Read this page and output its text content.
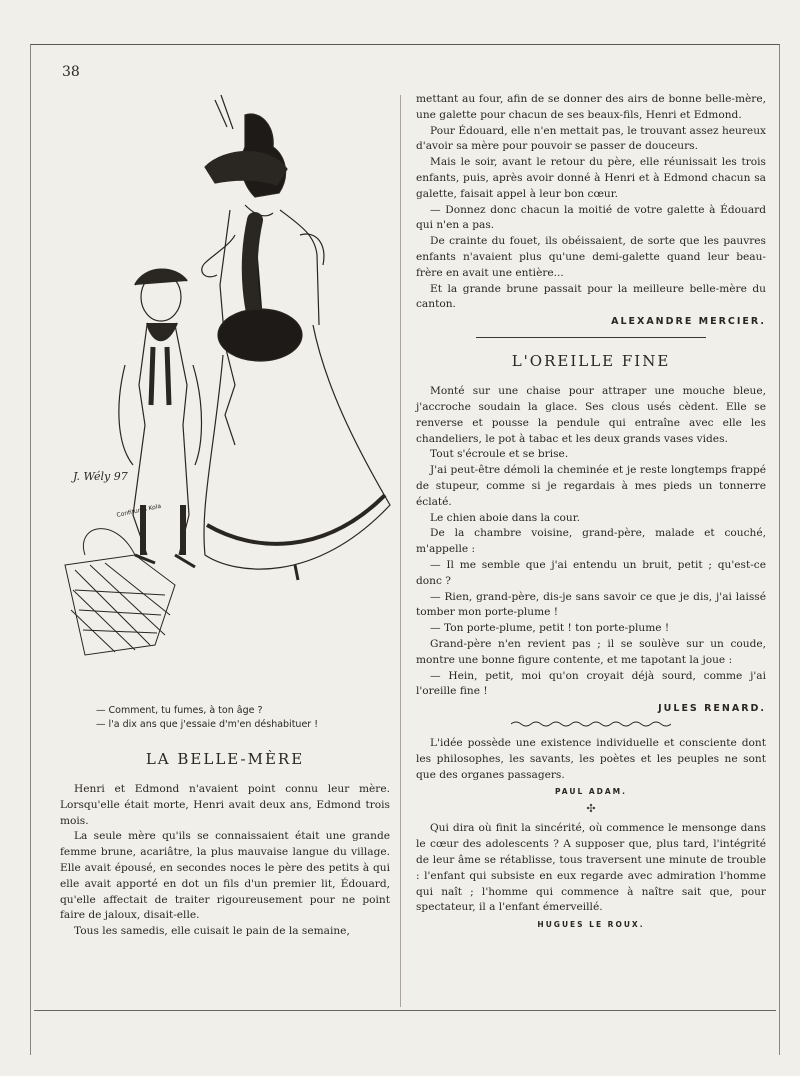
38
J. Wély 97
Confitures Kola
— Comment, tu fumes, à ton âge ?
— l'a dix ans que j'essaie d'm'en déshabituer !
LA BELLE-MÈRE

Henri et Edmond n'avaient point connu leur mère. Lorsqu'elle était morte, Henri avait deux ans, Edmond trois mois.

La seule mère qu'ils se connaissaient était une grande femme brune, acariâtre, la plus mauvaise langue du village. Elle avait épousé, en secondes noces le père des petits à qui elle avait apporté en dot un fils d'un premier lit, Édouard, qu'elle affectait de traiter rigoureusement pour ne point faire de jaloux, disait-elle.

Tous les samedis, elle cuisait le pain de la semaine,

mettant au four, afin de se donner des airs de bonne belle-mère, une galette pour chacun de ses beaux-fils, Henri et Edmond.

Pour Édouard, elle n'en mettait pas, le trouvant assez heureux d'avoir sa mère pour pouvoir se passer de douceurs.

Mais le soir, avant le retour du père, elle réunissait les trois enfants, puis, après avoir donné à Henri et à Edmond chacun sa galette, faisait appel à leur bon cœur.

— Donnez donc chacun la moitié de votre galette à Édouard qui n'en a pas.

De crainte du fouet, ils obéissaient, de sorte que les pauvres enfants n'avaient plus qu'une demi-galette quand leur beau-frère en avait une entière...

Et la grande brune passait pour la meilleure belle-mère du canton.

ALEXANDRE MERCIER.
L'OREILLE FINE

Monté sur une chaise pour attraper une mouche bleue, j'accroche soudain la glace. Ses clous usés cèdent. Elle se renverse et pousse la pendule qui entraîne avec elle les chandeliers, le pot à tabac et les deux grands vases vides.

Tout s'écroule et se brise.

J'ai peut-être démoli la cheminée et je reste longtemps frappé de stupeur, comme si je regardais à mes pieds un tonnerre éclaté.

Le chien aboie dans la cour.

De la chambre voisine, grand-père, malade et couché, m'appelle :

— Il me semble que j'ai entendu un bruit, petit ; qu'est-ce donc ?

— Rien, grand-père, dis-je sans savoir ce que je dis, j'ai laissé tomber mon porte-plume !

— Ton porte-plume, petit ! ton porte-plume !

Grand-père n'en revient pas ; il se soulève sur un coude, montre une bonne figure contente, et me tapotant la joue :

— Hein, petit, moi qu'on croyait déjà sourd, comme j'ai l'oreille fine !

JULES RENARD.

L'idée possède une existence individuelle et consciente dont les philosophes, les savants, les poètes et les peuples ne sont que des organes passagers.

PAUL ADAM.
✣

Qui dira où finit la sincérité, où commence le mensonge dans le cœur des adolescents ? A supposer que, plus tard, l'intégrité de leur âme se rétablisse, tous traversent une minute de trouble : l'enfant qui subsiste en eux regarde avec admiration l'homme qui naît ; l'homme qui commence à naître sait que, pour spectateur, il a l'enfant émerveillé.

HUGUES LE ROUX.
